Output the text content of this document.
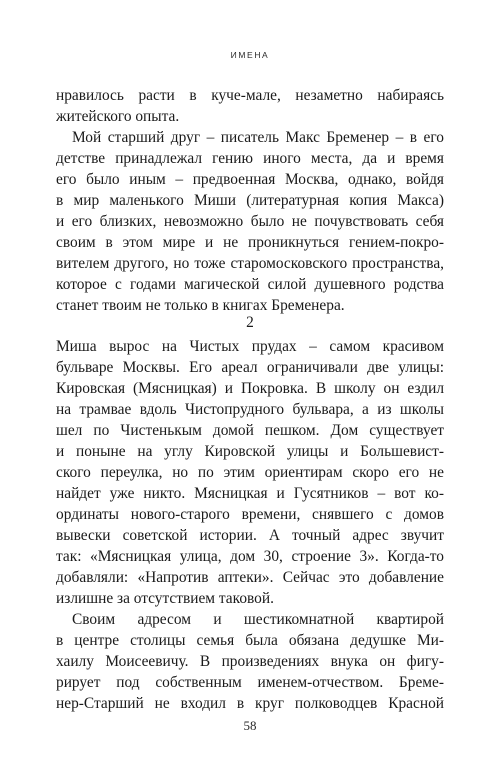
ИМЕНА
нравилось расти в куче-мале, незаметно набираясь
житейского опыта.
Мой старший друг – писатель Макс Бременер – в его
детстве принадлежал гению иного места, да и время
его было иным – предвоенная Москва, однако, войдя
в мир маленького Миши (литературная копия Макса)
и его близких, невозможно было не почувствовать себя
своим в этом мире и не проникнуться гением-покро-
вителем другого, но тоже старомосковского пространства,
которое с годами магической силой душевного родства
станет твоим не только в книгах Бременера.
2
Миша вырос на Чистых прудах – самом красивом
бульваре Москвы. Его ареал ограничивали две улицы:
Кировская (Мясницкая) и Покровка. В школу он ездил
на трамвае вдоль Чистопрудного бульвара, а из школы
шел по Чистенькым домой пешком. Дом существует
и поныне на углу Кировской улицы и Большевист-
ского переулка, но по этим ориентирам скоро его не
найдет уже никто. Мясницкая и Гусятников – вот ко-
ординаты нового-старого времени, снявшего с домов
вывески советской истории. А точный адрес звучит
так: «Мясницкая улица, дом 30, строение 3». Когда-то
добавляли: «Напротив аптеки». Сейчас это добавление
излишне за отсутствием таковой.
Своим адресом и шестикомнатной квартирой
в центре столицы семья была обязана дедушке Ми-
хаилу Моисеевичу. В произведениях внука он фигу-
рирует под собственным именем-отчеством. Бреме-
нер-Старший не входил в круг полководцев Красной
58
